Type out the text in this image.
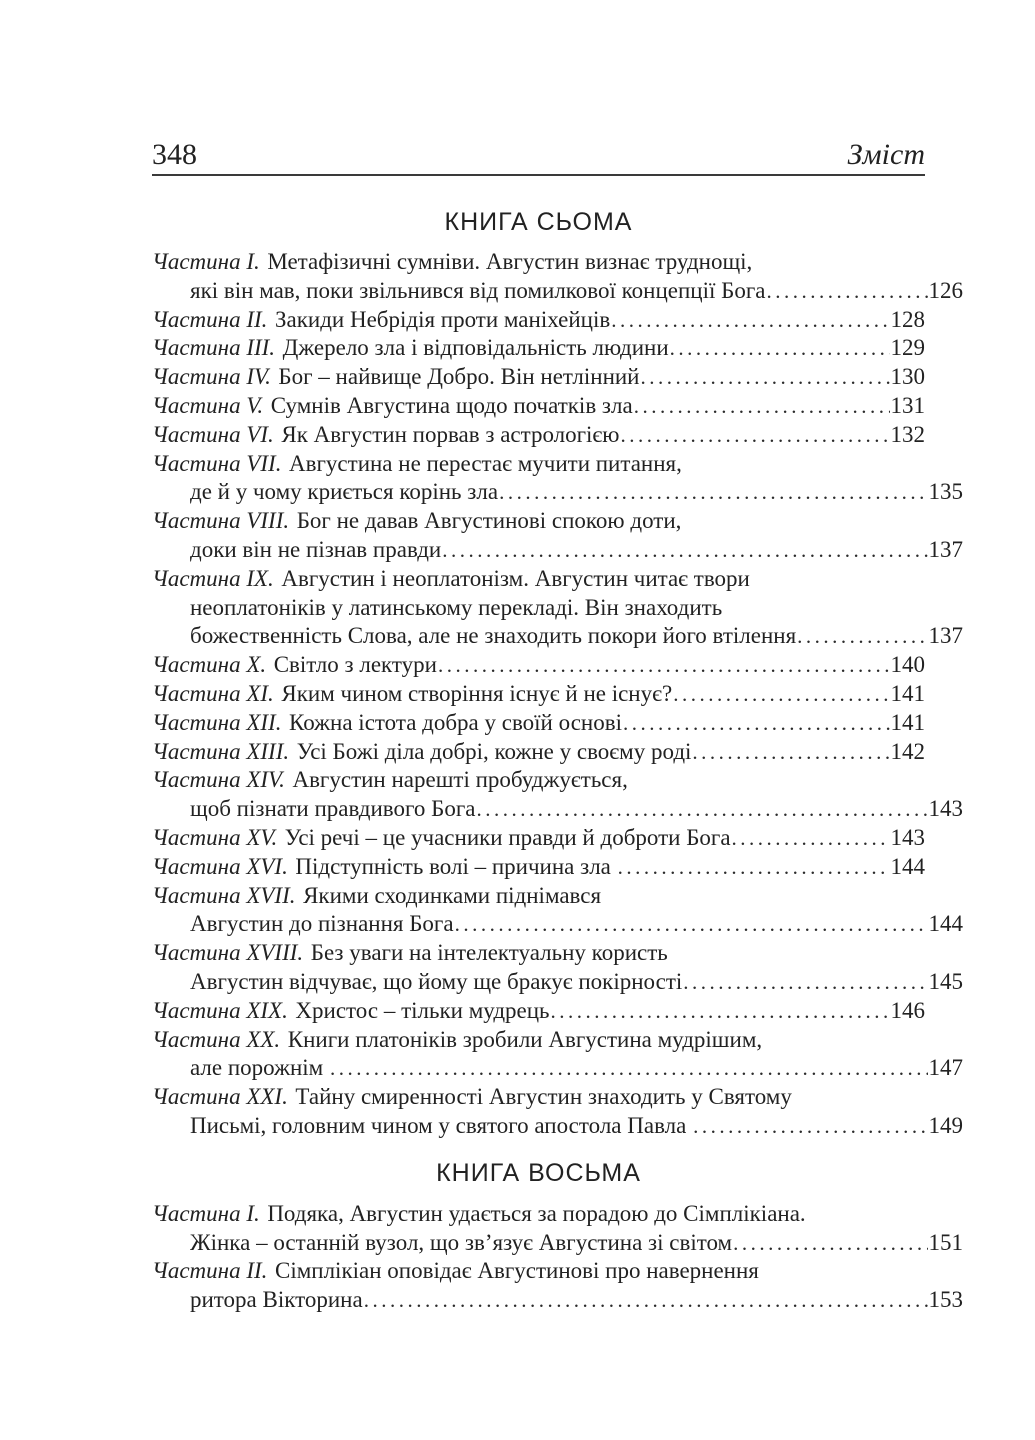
348	Зміст
КНИГА СЬОМА
Частина I. Метафізичні сумніви. Августин визнає труднощі,
які він мав, поки звільнився від помилкової концепції Бога .....	126
Частина II. Закиди Небрідія проти маніхейців .....	128
Частина III. Джерело зла і відповідальність людини .....	129
Частина IV. Бог – найвище Добро. Він нетлінний .....	130
Частина V. Сумнів Августина щодо початків зла .....	131
Частина VI. Як Августин порвав з астрологією .....	132
Частина VII. Августина не перестає мучити питання,
де й у чому криється корінь зла .....	135
Частина VIII. Бог не давав Августинові спокою доти,
доки він не пізнав правди .....	137
Частина IX. Августин і неоплатонізм. Августин читає твори
неоплатоніків у латинському перекладі. Він знаходить
божественність Слова, але не знаходить покори його втілення .....	137
Частина X. Світло з лектури .....	140
Частина XI. Яким чином створіння існує й не існує? .....	141
Частина XII. Кожна істота добра у своїй основі .....	141
Частина XIII. Усі Божі діла добрі, кожне у своєму роді .....	142
Частина XIV. Августин нарешті пробуджується,
щоб пізнати правдивого Бога .....	143
Частина XV. Усі речі – це учасники правди й доброти Бога .....	143
Частина XVI. Підступність волі – причина зла .....	144
Частина XVII. Якими сходинками піднімався
Августин до пізнання Бога .....	144
Частина XVIII. Без уваги на інтелектуальну користь
Августин відчуває, що йому ще бракує покірності .....	145
Частина XIX. Христос – тільки мудрець .....	146
Частина XX. Книги платоніків зробили Августина мудрішим,
але порожнім .....	147
Частина XXI. Тайну смиренності Августин знаходить у Святому
Письмі, головним чином у святого апостола Павла .....	149
КНИГА ВОСЬМА
Частина I. Подяка, Августин удається за порадою до Сімплікіана.
Жінка – останній вузол, що зв’язує Августина зі світом .....	151
Частина II. Сімплікіан оповідає Августинові про навернення
ритора Вікторина .....	153
